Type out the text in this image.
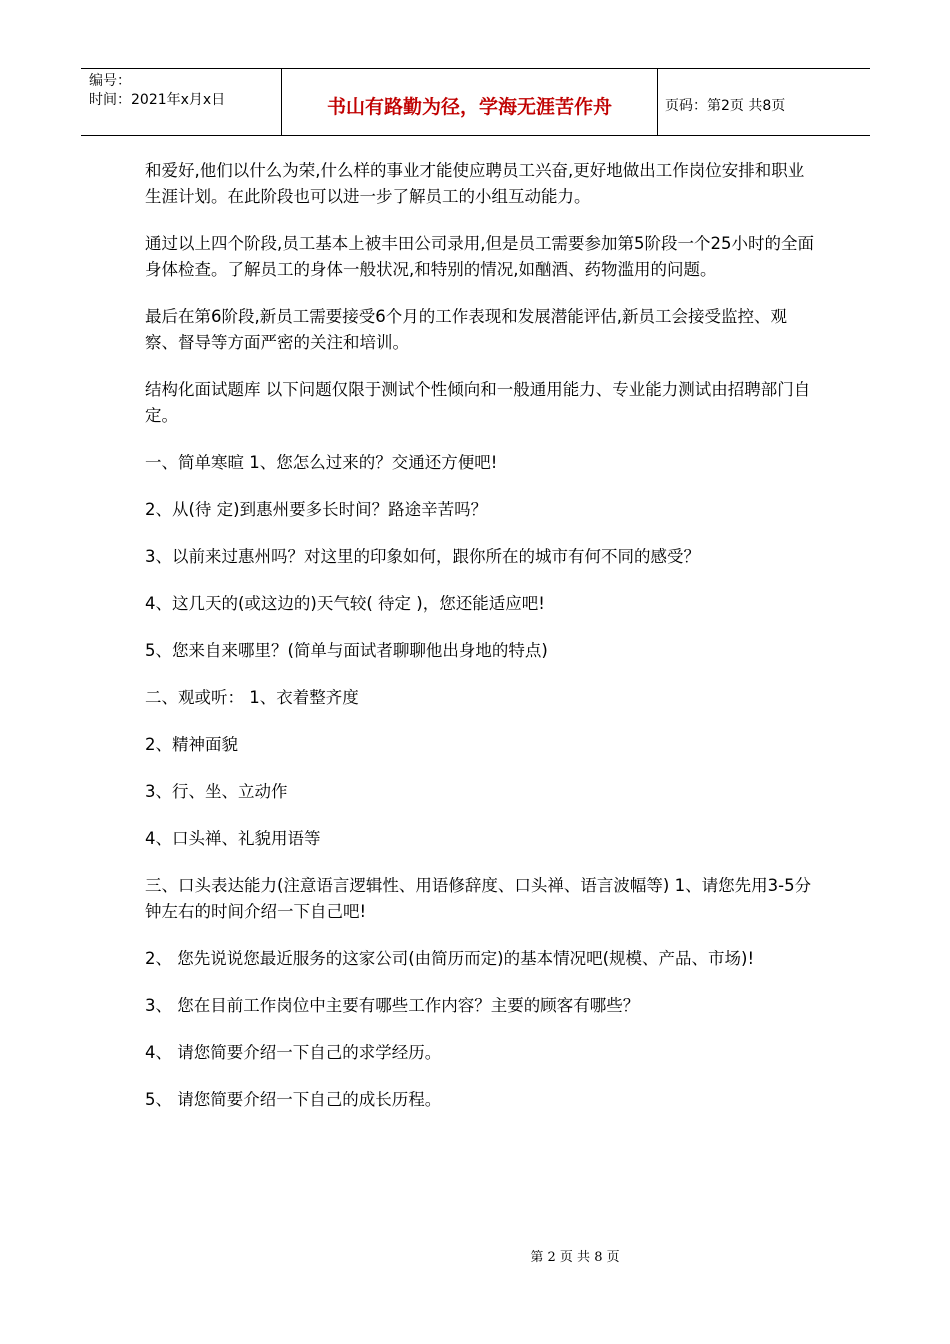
编号：
时间：2021年x月x日	书山有路勤为径，学海无涯苦作舟	页码：第2页 共8页

和爱好,他们以什么为荣,什么样的事业才能使应聘员工兴奋,更好地做出工作岗位安排和职业生涯计划。在此阶段也可以进一步了解员工的小组互动能力。

通过以上四个阶段,员工基本上被丰田公司录用,但是员工需要参加第5阶段一个25小时的全面身体检查。了解员工的身体一般状况,和特别的情况,如酗酒、药物滥用的问题。

最后在第6阶段,新员工需要接受6个月的工作表现和发展潜能评估,新员工会接受监控、观察、督导等方面严密的关注和培训。

结构化面试题库 以下问题仅限于测试个性倾向和一般通用能力、专业能力测试由招聘部门自定。

一、简单寒暄 1、您怎么过来的？交通还方便吧!

2、从(待 定)到惠州要多长时间？路途辛苦吗？

3、以前来过惠州吗？对这里的印象如何，跟你所在的城市有何不同的感受？

4、这几天的(或这边的)天气较( 待定 )，您还能适应吧!

5、您来自来哪里？(简单与面试者聊聊他出身地的特点)

二、观或听： 1、衣着整齐度

2、精神面貌

3、行、坐、立动作

4、口头禅、礼貌用语等

三、口头表达能力(注意语言逻辑性、用语修辞度、口头禅、语言波幅等) 1、请您先用3-5分钟左右的时间介绍一下自己吧!

2、 您先说说您最近服务的这家公司(由简历而定)的基本情况吧(规模、产品、市场)!

3、 您在目前工作岗位中主要有哪些工作内容？主要的顾客有哪些？

4、 请您简要介绍一下自己的求学经历。

5、 请您简要介绍一下自己的成长历程。

第 2 页 共 8 页
